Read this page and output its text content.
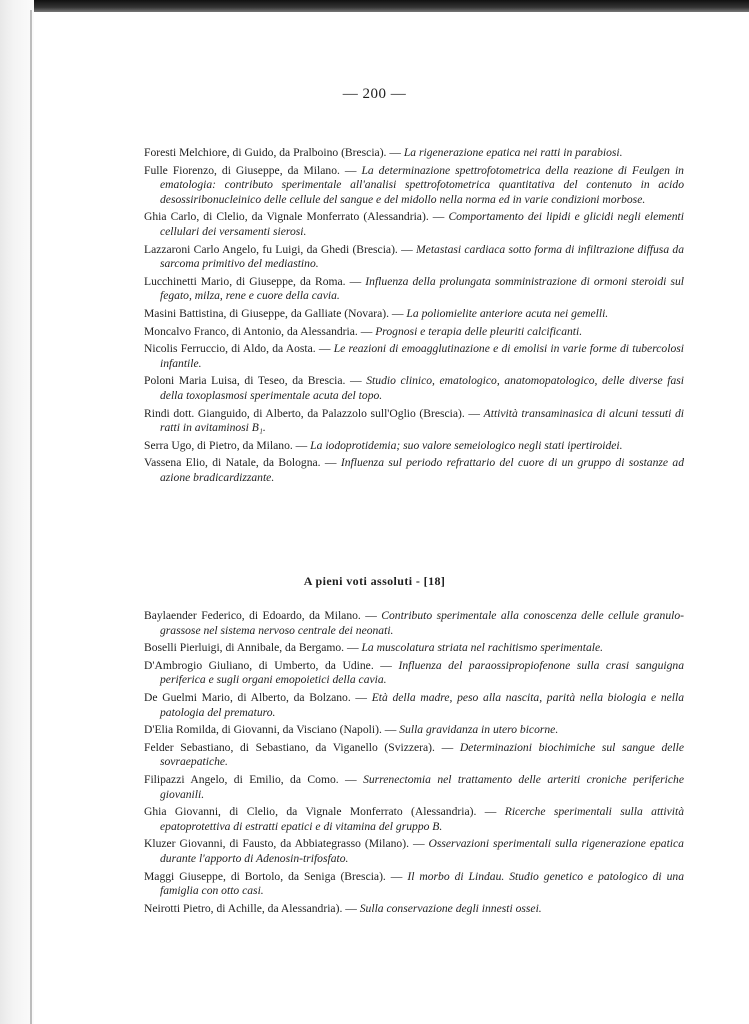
— 200 —

Foresti Melchiore, di Guido, da Pralboino (Brescia). — La rigenerazione epatica nei ratti in parabiosi.

Fulle Fiorenzo, di Giuseppe, da Milano. — La determinazione spettrofotometrica della reazione di Feulgen in ematologia: contributo sperimentale all'analisi spettrofotometrica quantitativa del contenuto in acido desossiribonucleinico delle cellule del sangue e del midollo nella norma ed in varie condizioni morbose.

Ghia Carlo, di Clelio, da Vignale Monferrato (Alessandria). — Comportamento dei lipidi e glicidi negli elementi cellulari dei versamenti sierosi.

Lazzaroni Carlo Angelo, fu Luigi, da Ghedi (Brescia). — Metastasi cardiaca sotto forma di infiltrazione diffusa da sarcoma primitivo del mediastino.

Lucchinetti Mario, di Giuseppe, da Roma. — Influenza della prolungata somministrazione di ormoni steroidi sul fegato, milza, rene e cuore della cavia.

Masini Battistina, di Giuseppe, da Galliate (Novara). — La poliomielite anteriore acuta nei gemelli.

Moncalvo Franco, di Antonio, da Alessandria. — Prognosi e terapia delle pleuriti calcificanti.

Nicolis Ferruccio, di Aldo, da Aosta. — Le reazioni di emoagglutinazione e di emolisi in varie forme di tubercolosi infantile.

Poloni Maria Luisa, di Teseo, da Brescia. — Studio clinico, ematologico, anatomopatologico, delle diverse fasi della toxoplasmosi sperimentale acuta del topo.

Rindi dott. Gianguido, di Alberto, da Palazzolo sull'Oglio (Brescia). — Attività transaminasica di alcuni tessuti di ratti in avitaminosi B₁.

Serra Ugo, di Pietro, da Milano. — La iodoprotidemia; suo valore semeiologico negli stati ipertiroidei.

Vassena Elio, di Natale, da Bologna. — Influenza sul periodo refrattario del cuore di un gruppo di sostanze ad azione bradicardizzante.

A pieni voti assoluti - [18]

Baylaender Federico, di Edoardo, da Milano. — Contributo sperimentale alla conoscenza delle cellule granulo-grassose nel sistema nervoso centrale dei neonati.

Boselli Pierluigi, di Annibale, da Bergamo. — La muscolatura striata nel rachitismo sperimentale.

D'Ambrogio Giuliano, di Umberto, da Udine. — Influenza del paraossipropiofenone sulla crasi sanguigna periferica e sugli organi emopoietici della cavia.

De Guelmi Mario, di Alberto, da Bolzano. — Età della madre, peso alla nascita, parità nella biologia e nella patologia del prematuro.

D'Elia Romilda, di Giovanni, da Visciano (Napoli). — Sulla gravidanza in utero bicorne.

Felder Sebastiano, di Sebastiano, da Viganello (Svizzera). — Determinazioni biochimiche sul sangue delle sovraepatiche.

Filipazzi Angelo, di Emilio, da Como. — Surrenectomia nel trattamento delle arteriti croniche periferiche giovanili.

Ghia Giovanni, di Clelio, da Vignale Monferrato (Alessandria). — Ricerche sperimentali sulla attività epatoprotettiva di estratti epatici e di vitamina del gruppo B.

Kluzer Giovanni, di Fausto, da Abbiategrasso (Milano). — Osservazioni sperimentali sulla rigenerazione epatica durante l'apporto di Adenosin-trifosfato.

Maggi Giuseppe, di Bortolo, da Seniga (Brescia). — Il morbo di Lindau. Studio genetico e patologico di una famiglia con otto casi.

Neirotti Pietro, di Achille, da Alessandria). — Sulla conservazione degli innesti ossei.
